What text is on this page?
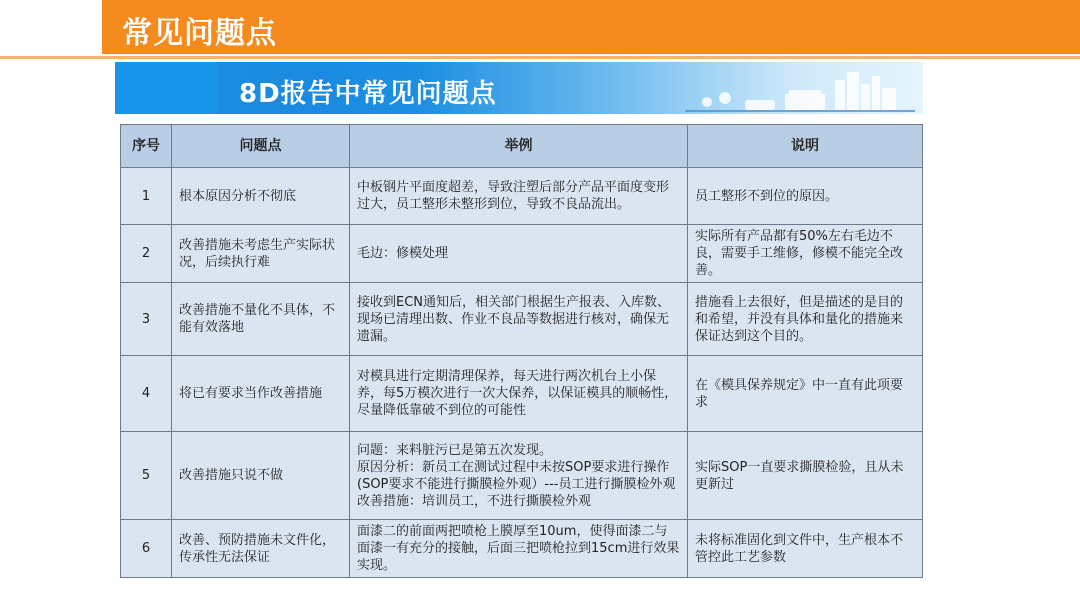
常见问题点
8D报告中常见问题点
序号	问题点	举例	说明
1	根本原因分析不彻底	中板钢片平面度超差，导致注塑后部分产品平面度变形过大，员工整形未整形到位，导致不良品流出。	员工整形不到位的原因。
2	改善措施未考虑生产实际状况，后续执行难	毛边：修模处理	实际所有产品都有50%左右毛边不良，需要手工维修，修模不能完全改善。
3	改善措施不量化不具体，不能有效落地	接收到ECN通知后，相关部门根据生产报表、入库数、现场已清理出数、作业不良品等数据进行核对，确保无遗漏。	措施看上去很好，但是描述的是目的和希望，并没有具体和量化的措施来保证达到这个目的。
4	将已有要求当作改善措施	对模具进行定期清理保养，每天进行两次机台上小保养，每5万模次进行一次大保养，以保证模具的顺畅性，尽量降低靠破不到位的可能性	在《模具保养规定》中一直有此项要求
5	改善措施只说不做	问题：来料脏污已是第五次发现。
原因分析：新员工在测试过程中未按SOP要求进行操作(SOP要求不能进行撕膜检外观）---员工进行撕膜检外观
改善措施：培训员工，不进行撕膜检外观	实际SOP一直要求撕膜检验，且从未更新过
6	改善、预防措施未文件化，传承性无法保证	面漆二的前面两把喷枪上膜厚至10um，使得面漆二与面漆一有充分的接触，后面三把喷枪拉到15cm进行效果实现。	未将标准固化到文件中，生产根本不管控此工艺参数
